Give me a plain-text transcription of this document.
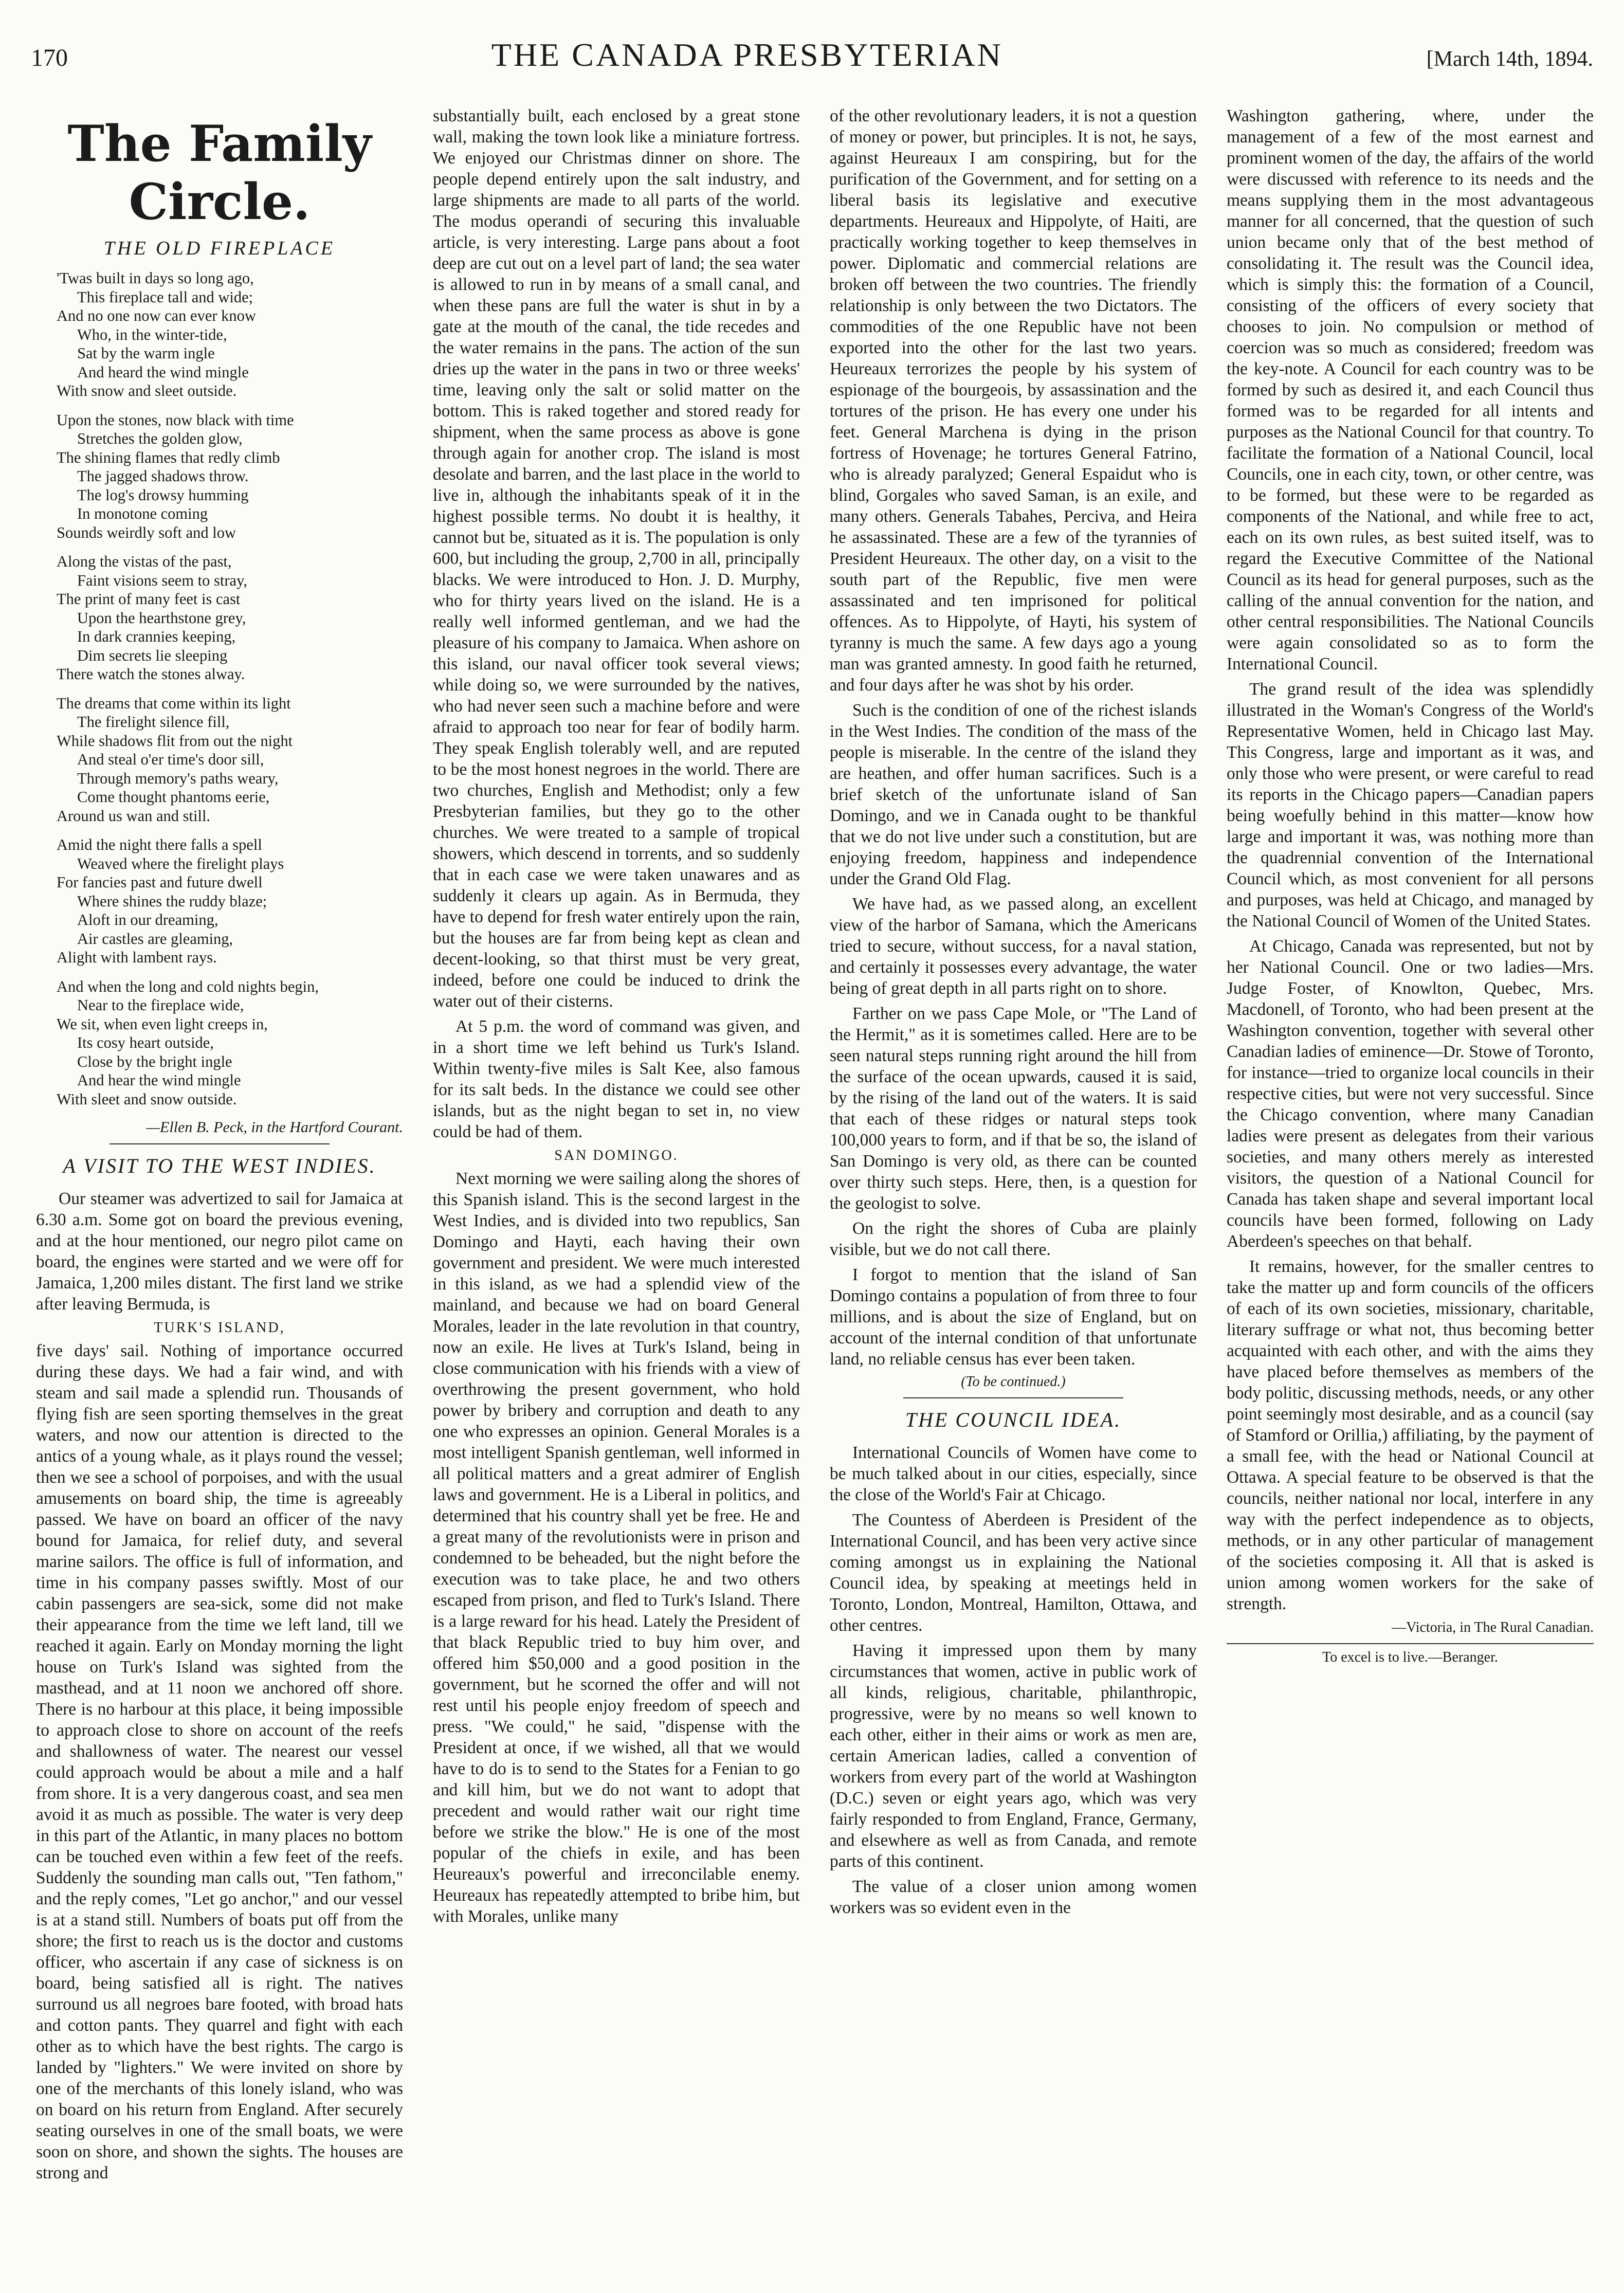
170	THE CANADA PRESBYTERIAN	[March 14th, 1894.
The Family Circle.
THE OLD FIREPLACE
'Twas built in days so long ago,
This fireplace tall and wide;
And no one now can ever know
Who, in the winter-tide,
Sat by the warm ingle
And heard the wind mingle
With snow and sleet outside.
Upon the stones, now black with time
Stretches the golden glow,
The shining flames that redly climb
The jagged shadows throw.
The log's drowsy humming
In monotone coming
Sounds weirdly soft and low
Along the vistas of the past,
Faint visions seem to stray,
The print of many feet is cast
Upon the hearthstone grey,
In dark crannies keeping,
Dim secrets lie sleeping
There watch the stones alway.
The dreams that come within its light
The firelight silence fill,
While shadows flit from out the night
And steal o'er time's door sill,
Through memory's paths weary,
Come thought phantoms eerie,
Around us wan and still.
Amid the night there falls a spell
Weaved where the firelight plays
For fancies past and future dwell
Where shines the ruddy blaze;
Aloft in our dreaming,
Air castles are gleaming,
Alight with lambent rays.
And when the long and cold nights begin,
Near to the fireplace wide,
We sit, when even light creeps in,
Its cosy heart outside,
Close by the bright ingle
And hear the wind mingle
With sleet and snow outside.
—Ellen B. Peck, in the Hartford Courant.
A VISIT TO THE WEST INDIES.

Our steamer was advertized to sail for Jamaica at 6.30 a.m. Some got on board the previous evening, and at the hour mentioned, our negro pilot came on board, the engines were started and we were off for Jamaica, 1,200 miles distant. The first land we strike after leaving Bermuda, is

TURK'S ISLAND,

five days' sail. Nothing of importance occurred during these days. We had a fair wind, and with steam and sail made a splendid run. Thousands of flying fish are seen sporting themselves in the great waters, and now our attention is directed to the antics of a young whale, as it plays round the vessel; then we see a school of porpoises, and with the usual amusements on board ship, the time is agreeably passed. We have on board an officer of the navy bound for Jamaica, for relief duty, and several marine sailors. The office is full of information, and time in his company passes swiftly. Most of our cabin passengers are sea-sick, some did not make their appearance from the time we left land, till we reached it again. Early on Monday morning the light house on Turk's Island was sighted from the masthead, and at 11 noon we anchored off shore. There is no harbour at this place, it being impossible to approach close to shore on account of the reefs and shallowness of water. The nearest our vessel could approach would be about a mile and a half from shore. It is a very dangerous coast, and sea men avoid it as much as possible. The water is very deep in this part of the Atlantic, in many places no bottom can be touched even within a few feet of the reefs. Suddenly the sounding man calls out, "Ten fathom," and the reply comes, "Let go anchor," and our vessel is at a stand still. Numbers of boats put off from the shore; the first to reach us is the doctor and customs officer, who ascertain if any case of sickness is on board, being satisfied all is right. The natives surround us all negroes bare footed, with broad hats and cotton pants. They quarrel and fight with each other as to which have the best rights. The cargo is landed by "lighters." We were invited on shore by one of the merchants of this lonely island, who was on board on his return from England. After securely seating ourselves in one of the small boats, we were soon on shore, and shown the sights. The houses are strong and

substantially built, each enclosed by a great stone wall, making the town look like a miniature fortress. We enjoyed our Christmas dinner on shore. The people depend entirely upon the salt industry, and large shipments are made to all parts of the world. The modus operandi of securing this invaluable article, is very interesting. Large pans about a foot deep are cut out on a level part of land; the sea water is allowed to run in by means of a small canal, and when these pans are full the water is shut in by a gate at the mouth of the canal, the tide recedes and the water remains in the pans. The action of the sun dries up the water in the pans in two or three weeks' time, leaving only the salt or solid matter on the bottom. This is raked together and stored ready for shipment, when the same process as above is gone through again for another crop. The island is most desolate and barren, and the last place in the world to live in, although the inhabitants speak of it in the highest possible terms. No doubt it is healthy, it cannot but be, situated as it is. The population is only 600, but including the group, 2,700 in all, principally blacks. We were introduced to Hon. J. D. Murphy, who for thirty years lived on the island. He is a really well informed gentleman, and we had the pleasure of his company to Jamaica. When ashore on this island, our naval officer took several views; while doing so, we were surrounded by the natives, who had never seen such a machine before and were afraid to approach too near for fear of bodily harm. They speak English tolerably well, and are reputed to be the most honest negroes in the world. There are two churches, English and Methodist; only a few Presbyterian families, but they go to the other churches. We were treated to a sample of tropical showers, which descend in torrents, and so suddenly that in each case we were taken unawares and as suddenly it clears up again. As in Bermuda, they have to depend for fresh water entirely upon the rain, but the houses are far from being kept as clean and decent-looking, so that thirst must be very great, indeed, before one could be induced to drink the water out of their cisterns.

At 5 p.m. the word of command was given, and in a short time we left behind us Turk's Island. Within twenty-five miles is Salt Kee, also famous for its salt beds. In the distance we could see other islands, but as the night began to set in, no view could be had of them.

SAN DOMINGO.

Next morning we were sailing along the shores of this Spanish island. This is the second largest in the West Indies, and is divided into two republics, San Domingo and Hayti, each having their own government and president. We were much interested in this island, as we had a splendid view of the mainland, and because we had on board General Morales, leader in the late revolution in that country, now an exile. He lives at Turk's Island, being in close communication with his friends with a view of overthrowing the present government, who hold power by bribery and corruption and death to any one who expresses an opinion. General Morales is a most intelligent Spanish gentleman, well informed in all political matters and a great admirer of English laws and government. He is a Liberal in politics, and determined that his country shall yet be free. He and a great many of the revolutionists were in prison and condemned to be beheaded, but the night before the execution was to take place, he and two others escaped from prison, and fled to Turk's Island. There is a large reward for his head. Lately the President of that black Republic tried to buy him over, and offered him $50,000 and a good position in the government, but he scorned the offer and will not rest until his people enjoy freedom of speech and press. "We could," he said, "dispense with the President at once, if we wished, all that we would have to do is to send to the States for a Fenian to go and kill him, but we do not want to adopt that precedent and would rather wait our right time before we strike the blow." He is one of the most popular of the chiefs in exile, and has been Heureaux's powerful and irreconcilable enemy. Heureaux has repeatedly attempted to bribe him, but with Morales, unlike many

of the other revolutionary leaders, it is not a question of money or power, but principles. It is not, he says, against Heureaux I am conspiring, but for the purification of the Government, and for setting on a liberal basis its legislative and executive departments. Heureaux and Hippolyte, of Haiti, are practically working together to keep themselves in power. Diplomatic and commercial relations are broken off between the two countries. The friendly relationship is only between the two Dictators. The commodities of the one Republic have not been exported into the other for the last two years. Heureaux terrorizes the people by his system of espionage of the bourgeois, by assassination and the tortures of the prison. He has every one under his feet. General Marchena is dying in the prison fortress of Hovenage; he tortures General Fatrino, who is already paralyzed; General Espaidut who is blind, Gorgales who saved Saman, is an exile, and many others. Generals Tabahes, Perciva, and Heira he assassinated. These are a few of the tyrannies of President Heureaux. The other day, on a visit to the south part of the Republic, five men were assassinated and ten imprisoned for political offences. As to Hippolyte, of Hayti, his system of tyranny is much the same. A few days ago a young man was granted amnesty. In good faith he returned, and four days after he was shot by his order.

Such is the condition of one of the richest islands in the West Indies. The condition of the mass of the people is miserable. In the centre of the island they are heathen, and offer human sacrifices. Such is a brief sketch of the unfortunate island of San Domingo, and we in Canada ought to be thankful that we do not live under such a constitution, but are enjoying freedom, happiness and independence under the Grand Old Flag.

We have had, as we passed along, an excellent view of the harbor of Samana, which the Americans tried to secure, without success, for a naval station, and certainly it possesses every advantage, the water being of great depth in all parts right on to shore.

Farther on we pass Cape Mole, or "The Land of the Hermit," as it is sometimes called. Here are to be seen natural steps running right around the hill from the surface of the ocean upwards, caused it is said, by the rising of the land out of the waters. It is said that each of these ridges or natural steps took 100,000 years to form, and if that be so, the island of San Domingo is very old, as there can be counted over thirty such steps. Here, then, is a question for the geologist to solve.

On the right the shores of Cuba are plainly visible, but we do not call there.

I forgot to mention that the island of San Domingo contains a population of from three to four millions, and is about the size of England, but on account of the internal condition of that unfortunate land, no reliable census has ever been taken.

(To be continued.)
THE COUNCIL IDEA.

International Councils of Women have come to be much talked about in our cities, especially, since the close of the World's Fair at Chicago.

The Countess of Aberdeen is President of the International Council, and has been very active since coming amongst us in explaining the National Council idea, by speaking at meetings held in Toronto, London, Montreal, Hamilton, Ottawa, and other centres.

Having it impressed upon them by many circumstances that women, active in public work of all kinds, religious, charitable, philanthropic, progressive, were by no means so well known to each other, either in their aims or work as men are, certain American ladies, called a convention of workers from every part of the world at Washington (D.C.) seven or eight years ago, which was very fairly responded to from England, France, Germany, and elsewhere as well as from Canada, and remote parts of this continent.

The value of a closer union among women workers was so evident even in the

Washington gathering, where, under the management of a few of the most earnest and prominent women of the day, the affairs of the world were discussed with reference to its needs and the means supplying them in the most advantageous manner for all concerned, that the question of such union became only that of the best method of consolidating it. The result was the Council idea, which is simply this: the formation of a Council, consisting of the officers of every society that chooses to join. No compulsion or method of coercion was so much as considered; freedom was the key-note. A Council for each country was to be formed by such as desired it, and each Council thus formed was to be regarded for all intents and purposes as the National Council for that country. To facilitate the formation of a National Council, local Councils, one in each city, town, or other centre, was to be formed, but these were to be regarded as components of the National, and while free to act, each on its own rules, as best suited itself, was to regard the Executive Committee of the National Council as its head for general purposes, such as the calling of the annual convention for the nation, and other central responsibilities. The National Councils were again consolidated so as to form the International Council.

The grand result of the idea was splendidly illustrated in the Woman's Congress of the World's Representative Women, held in Chicago last May. This Congress, large and important as it was, and only those who were present, or were careful to read its reports in the Chicago papers—Canadian papers being woefully behind in this matter—know how large and important it was, was nothing more than the quadrennial convention of the International Council which, as most convenient for all persons and purposes, was held at Chicago, and managed by the National Council of Women of the United States.

At Chicago, Canada was represented, but not by her National Council. One or two ladies—Mrs. Judge Foster, of Knowlton, Quebec, Mrs. Macdonell, of Toronto, who had been present at the Washington convention, together with several other Canadian ladies of eminence—Dr. Stowe of Toronto, for instance—tried to organize local councils in their respective cities, but were not very successful. Since the Chicago convention, where many Canadian ladies were present as delegates from their various societies, and many others merely as interested visitors, the question of a National Council for Canada has taken shape and several important local councils have been formed, following on Lady Aberdeen's speeches on that behalf.

It remains, however, for the smaller centres to take the matter up and form councils of the officers of each of its own societies, missionary, charitable, literary suffrage or what not, thus becoming better acquainted with each other, and with the aims they have placed before themselves as members of the body politic, discussing methods, needs, or any other point seemingly most desirable, and as a council (say of Stamford or Orillia,) affiliating, by the payment of a small fee, with the head or National Council at Ottawa. A special feature to be observed is that the councils, neither national nor local, interfere in any way with the perfect independence as to objects, methods, or in any other particular of management of the societies composing it. All that is asked is union among women workers for the sake of strength.

—Victoria, in The Rural Canadian.
To excel is to live.—Beranger.
